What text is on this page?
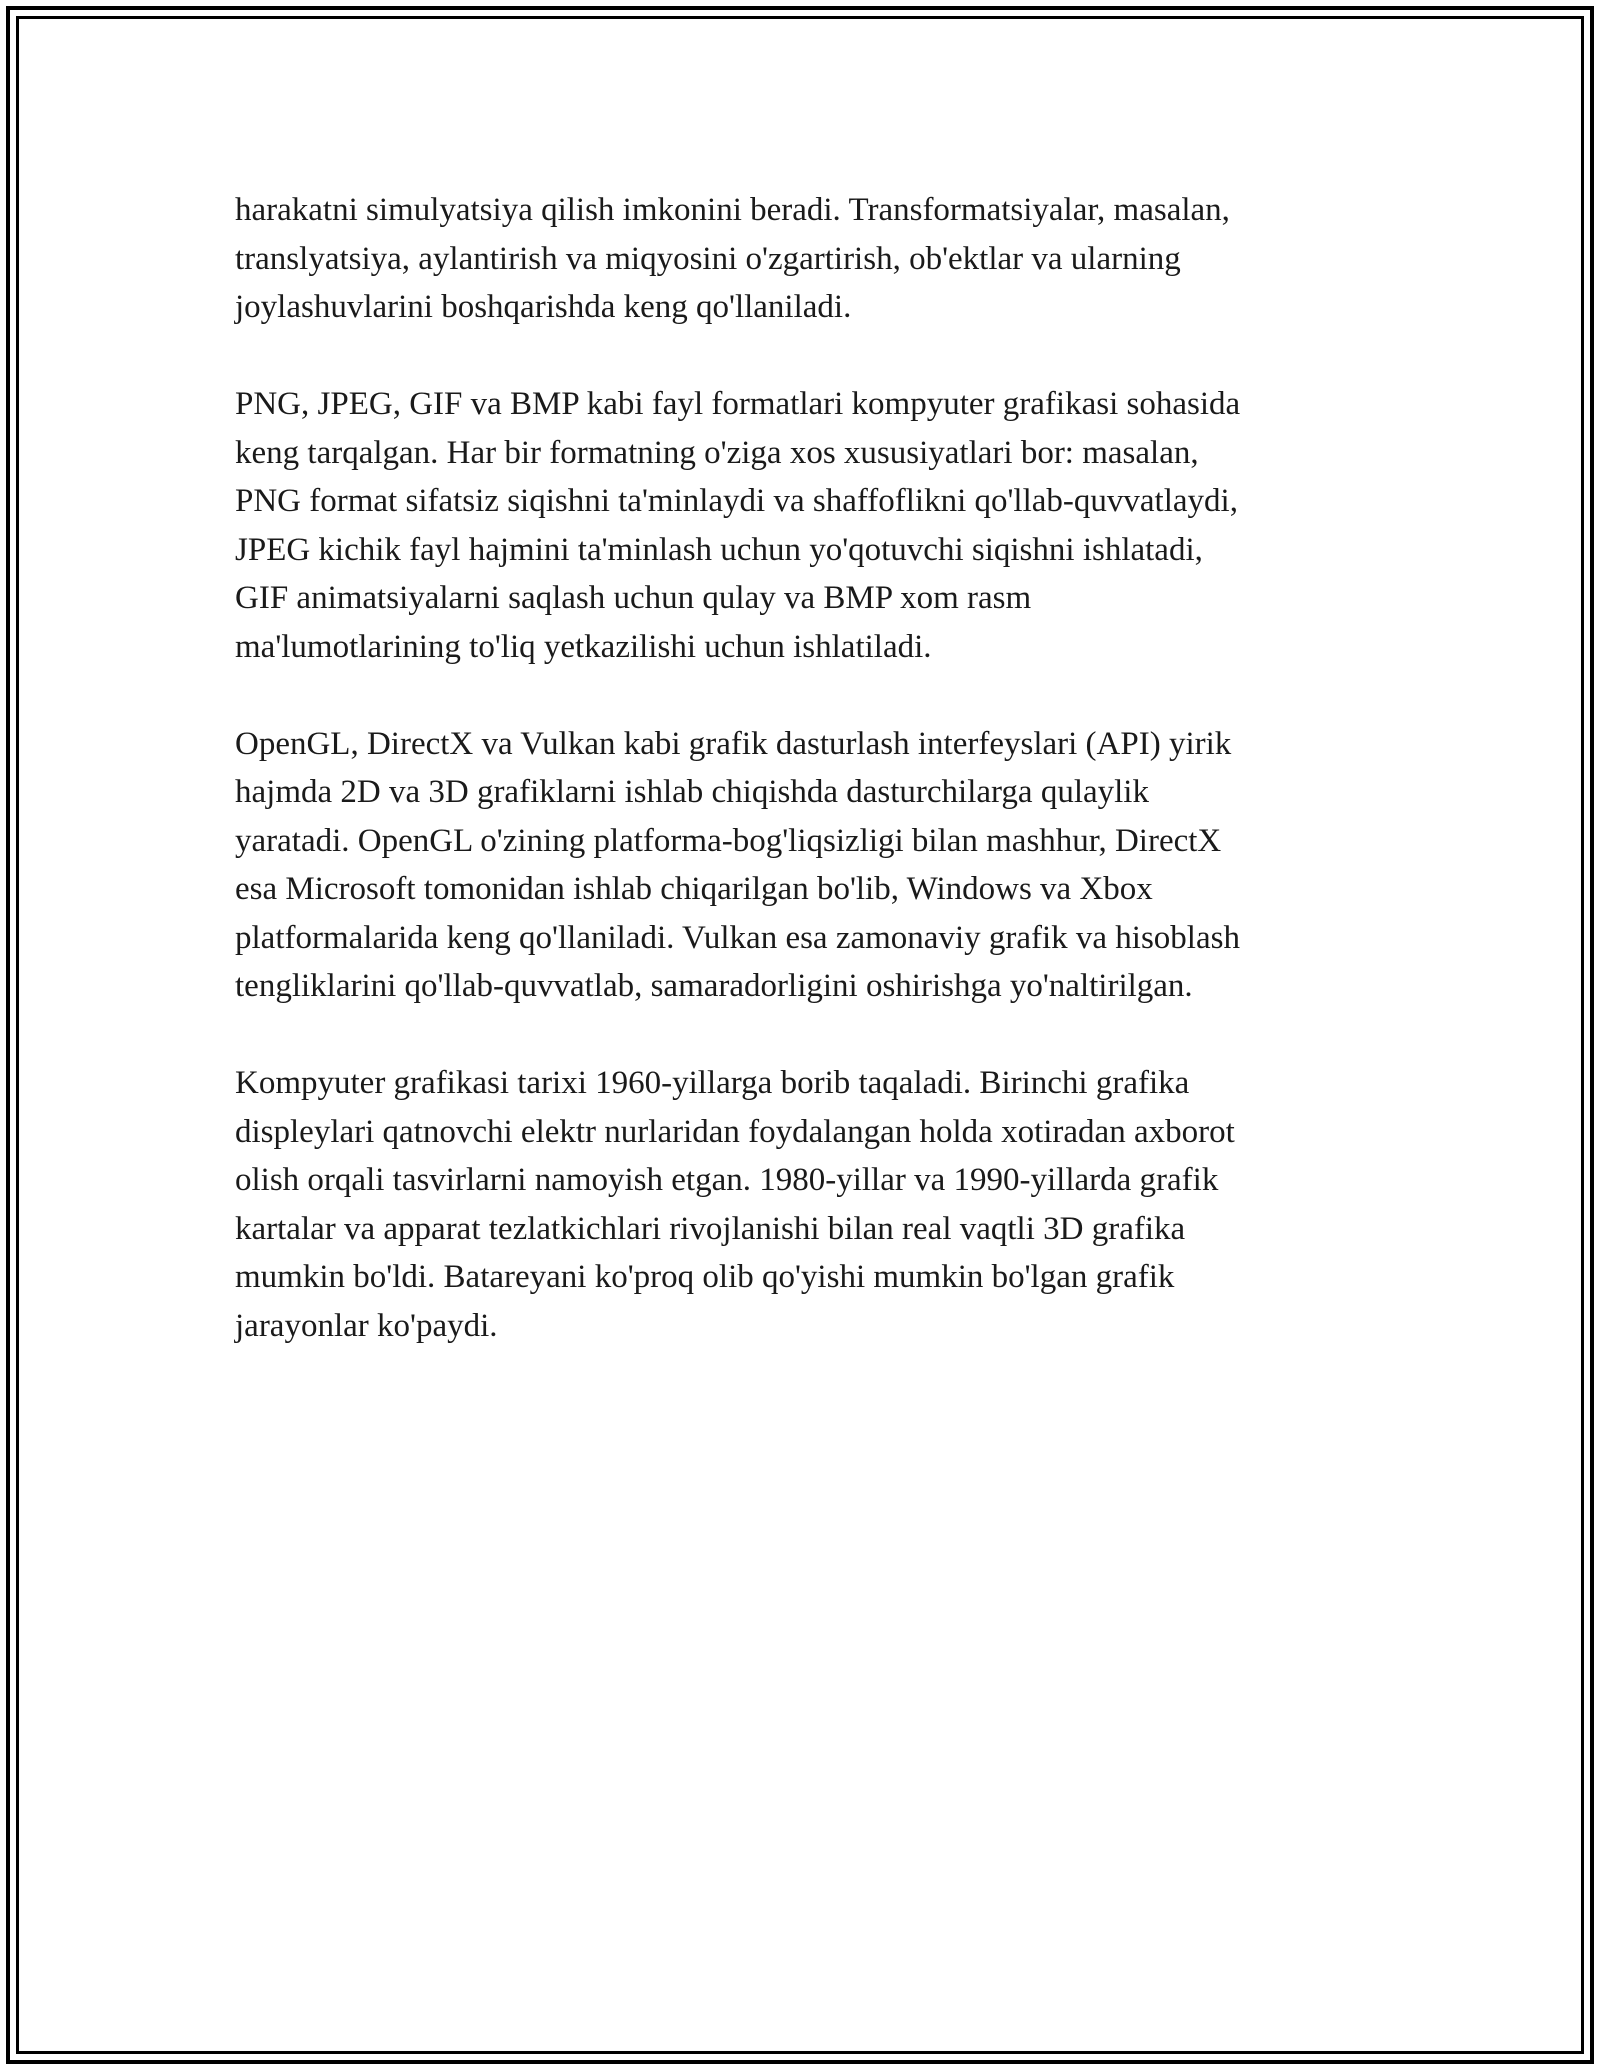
harakatni simulyatsiya qilish imkonini beradi. Transformatsiyalar, masalan,
translyatsiya, aylantirish va miqyosini o'zgartirish, ob'ektlar va ularning
joylashuvlarini boshqarishda keng qo'llaniladi.

PNG, JPEG, GIF va BMP kabi fayl formatlari kompyuter grafikasi sohasida
keng tarqalgan. Har bir formatning o'ziga xos xususiyatlari bor: masalan,
PNG format sifatsiz siqishni ta'minlaydi va shaffoflikni qo'llab-quvvatlaydi,
JPEG kichik fayl hajmini ta'minlash uchun yo'qotuvchi siqishni ishlatadi,
GIF animatsiyalarni saqlash uchun qulay va BMP xom rasm
ma'lumotlarining to'liq yetkazilishi uchun ishlatiladi.

OpenGL, DirectX va Vulkan kabi grafik dasturlash interfeyslari (API) yirik
hajmda 2D va 3D grafiklarni ishlab chiqishda dasturchilarga qulaylik
yaratadi. OpenGL o'zining platforma-bog'liqsizligi bilan mashhur, DirectX
esa Microsoft tomonidan ishlab chiqarilgan bo'lib, Windows va Xbox
platformalarida keng qo'llaniladi. Vulkan esa zamonaviy grafik va hisoblash
tengliklarini qo'llab-quvvatlab, samaradorligini oshirishga yo'naltirilgan.

Kompyuter grafikasi tarixi 1960-yillarga borib taqaladi. Birinchi grafika
displeylari qatnovchi elektr nurlaridan foydalangan holda xotiradan axborot
olish orqali tasvirlarni namoyish etgan. 1980-yillar va 1990-yillarda grafik
kartalar va apparat tezlatkichlari rivojlanishi bilan real vaqtli 3D grafika
mumkin bo'ldi. Batareyani ko'proq olib qo'yishi mumkin bo'lgan grafik
jarayonlar ko'paydi.
